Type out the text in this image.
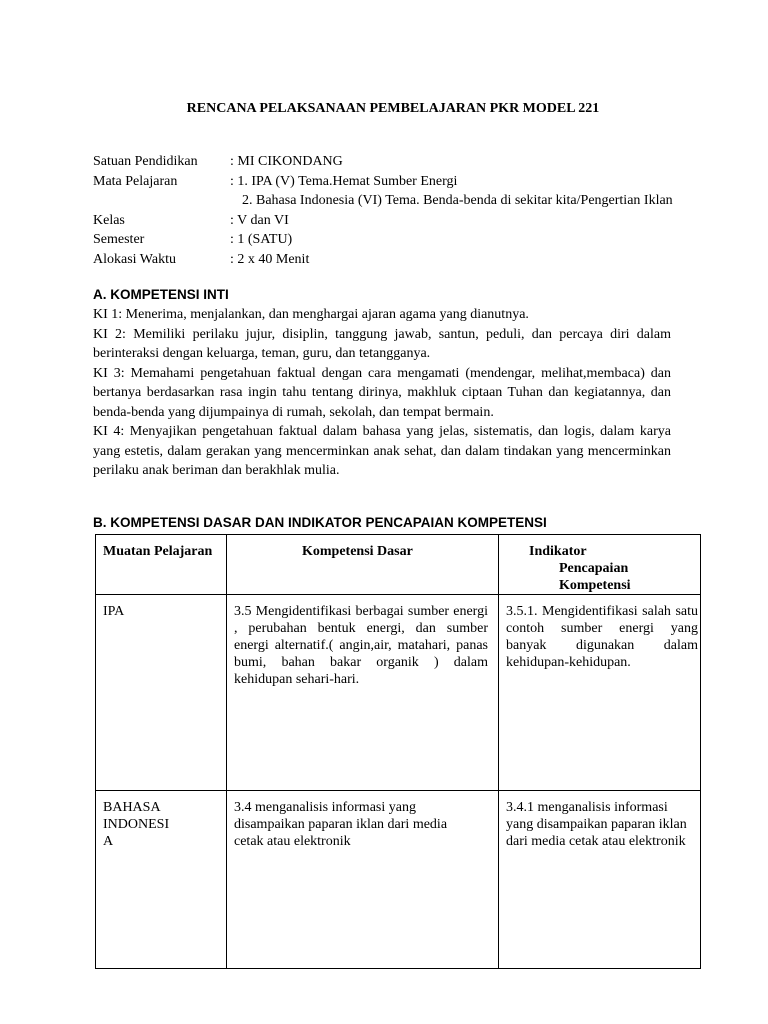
RENCANA PELAKSANAAN PEMBELAJARAN PKR MODEL 221
Satuan Pendidikan	: MI CIKONDANG
Mata Pelajaran	: 1. IPA (V) Tema.Hemat Sumber Energi
2. Bahasa Indonesia (VI) Tema. Benda-benda di sekitar kita/Pengertian Iklan
Kelas	: V dan VI
Semester	: 1 (SATU)
Alokasi Waktu	: 2 x 40 Menit
A. KOMPETENSI INTI

KI 1: Menerima, menjalankan, dan menghargai ajaran agama yang dianutnya.

KI 2: Memiliki perilaku jujur, disiplin, tanggung jawab, santun, peduli, dan percaya diri dalam berinteraksi dengan keluarga, teman, guru, dan tetangganya.

KI 3: Memahami pengetahuan faktual dengan cara mengamati (mendengar, melihat,membaca) dan bertanya berdasarkan rasa ingin tahu tentang dirinya, makhluk ciptaan Tuhan dan kegiatannya, dan benda-benda yang dijumpainya di rumah, sekolah, dan tempat bermain.

KI 4: Menyajikan pengetahuan faktual dalam bahasa yang jelas, sistematis, dan logis, dalam karya yang estetis, dalam gerakan yang mencerminkan anak sehat, dan dalam tindakan yang mencerminkan perilaku anak beriman dan berakhlak mulia.

B. KOMPETENSI DASAR DAN INDIKATOR PENCAPAIAN KOMPETENSI
Muatan Pelajaran	Kompetensi Dasar	Indikator
Pencapaian
Kompetensi

IPA	3.5 Mengidentifikasi berbagai sumber energi , perubahan bentuk energi, dan sumber energi alternatif.( angin,air, matahari, panas bumi, bahan bakar organik ) dalam kehidupan sehari-hari.	3.5.1. Mengidentifikasi salah satu contoh sumber energi yang banyak digunakan dalam kehidupan-kehidupan.

BAHASA
INDONESI
A	3.4 menganalisis informasi yang disampaikan paparan iklan dari media cetak atau elektronik	3.4.1 menganalisis informasi yang disampaikan paparan iklan dari media cetak atau elektronik
